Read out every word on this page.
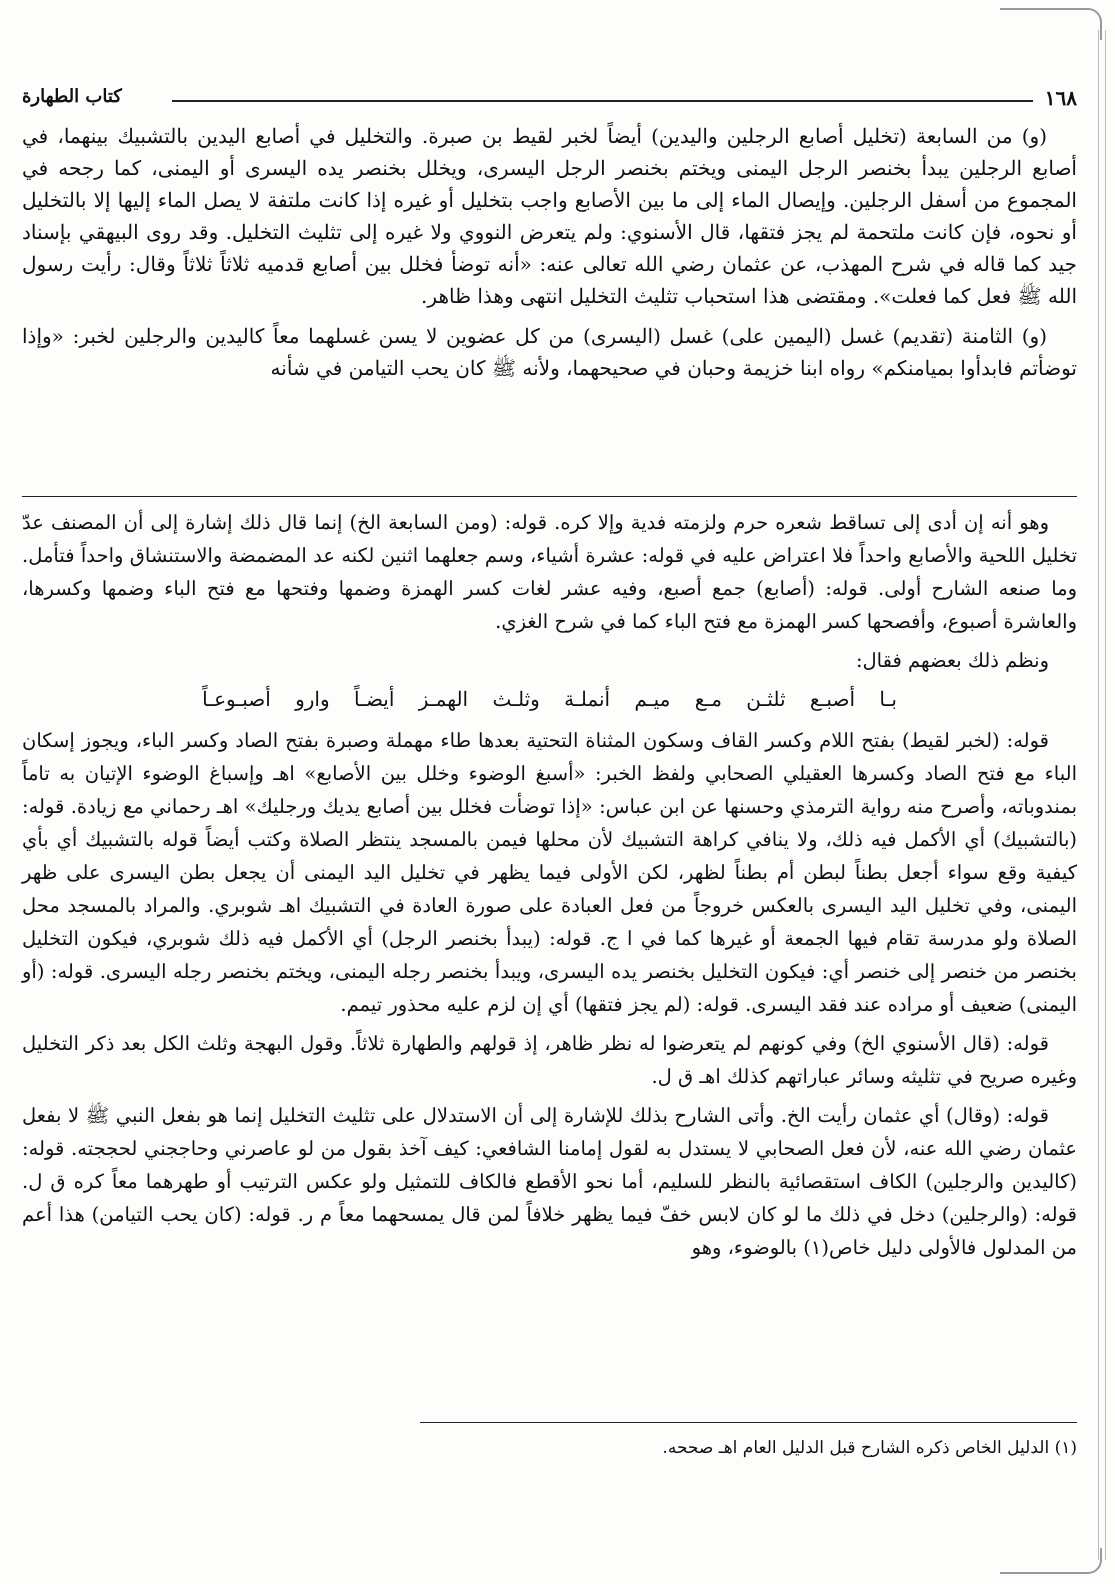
١٦٨
كتاب الطهارة

(و) من السابعة (تخليل أصابع الرجلين واليدين) أيضاً لخبر لقيط بن صبرة. والتخليل في أصابع اليدين بالتشبيك بينهما، في أصابع الرجلين يبدأ بخنصر الرجل اليمنى ويختم بخنصر الرجل اليسرى، ويخلل بخنصر يده اليسرى أو اليمنى، كما رجحه في المجموع من أسفل الرجلين. وإيصال الماء إلى ما بين الأصابع واجب بتخليل أو غيره إذا كانت ملتفة لا يصل الماء إليها إلا بالتخليل أو نحوه، فإن كانت ملتحمة لم يجز فتقها، قال الأسنوي: ولم يتعرض النووي ولا غيره إلى تثليث التخليل. وقد روى البيهقي بإسناد جيد كما قاله في شرح المهذب، عن عثمان رضي الله تعالى عنه: «أنه توضأ فخلل بين أصابع قدميه ثلاثاً ثلاثاً وقال: رأيت رسول الله ﷺ فعل كما فعلت». ومقتضى هذا استحباب تثليث التخليل انتهى وهذا ظاهر.

(و) الثامنة (تقديم) غسل (اليمين على) غسل (اليسرى) من كل عضوين لا يسن غسلهما معاً كاليدين والرجلين لخبر: «وإذا توضأتم فابدأوا بميامنكم» رواه ابنا خزيمة وحبان في صحيحهما، ولأنه ﷺ كان يحب التيامن في شأنه

وهو أنه إن أدى إلى تساقط شعره حرم ولزمته فدية وإلا كره. قوله: (ومن السابعة الخ) إنما قال ذلك إشارة إلى أن المصنف عدّ تخليل اللحية والأصابع واحداً فلا اعتراض عليه في قوله: عشرة أشياء، وسم جعلهما اثنين لكنه عد المضمضة والاستنشاق واحداً فتأمل. وما صنعه الشارح أولى. قوله: (أصابع) جمع أصبع، وفيه عشر لغات كسر الهمزة وضمها وفتحها مع فتح الباء وضمها وكسرها، والعاشرة أصبوع، وأفصحها كسر الهمزة مع فتح الباء كما في شرح الغزي.

ونظم ذلك بعضهم فقال:

بـا أصبـع ثلثـن مـع ميـم أنملـة وثلـث الهمـز أيضـاً وارو أصبـوعـاً

قوله: (لخبر لقيط) بفتح اللام وكسر القاف وسكون المثناة التحتية بعدها طاء مهملة وصبرة بفتح الصاد وكسر الباء، ويجوز إسكان الباء مع فتح الصاد وكسرها العقيلي الصحابي ولفظ الخبر: «أسبغ الوضوء وخلل بين الأصابع» اهـ وإسباغ الوضوء الإتيان به تاماً بمندوباته، وأصرح منه رواية الترمذي وحسنها عن ابن عباس: «إذا توضأت فخلل بين أصابع يديك ورجليك» اهـ رحماني مع زيادة. قوله: (بالتشبيك) أي الأكمل فيه ذلك، ولا ينافي كراهة التشبيك لأن محلها فيمن بالمسجد ينتظر الصلاة وكتب أيضاً قوله بالتشبيك أي بأي كيفية وقع سواء أجعل بطناً لبطن أم بطناً لظهر، لكن الأولى فيما يظهر في تخليل اليد اليمنى أن يجعل بطن اليسرى على ظهر اليمنى، وفي تخليل اليد اليسرى بالعكس خروجاً من فعل العبادة على صورة العادة في التشبيك اهـ شوبري. والمراد بالمسجد محل الصلاة ولو مدرسة تقام فيها الجمعة أو غيرها كما في ا ج. قوله: (يبدأ بخنصر الرجل) أي الأكمل فيه ذلك شوبري، فيكون التخليل بخنصر من خنصر إلى خنصر أي: فيكون التخليل بخنصر يده اليسرى، ويبدأ بخنصر رجله اليمنى، ويختم بخنصر رجله اليسرى. قوله: (أو اليمنى) ضعيف أو مراده عند فقد اليسرى. قوله: (لم يجز فتقها) أي إن لزم عليه محذور تيمم.

قوله: (قال الأسنوي الخ) وفي كونهم لم يتعرضوا له نظر ظاهر، إذ قولهم والطهارة ثلاثاً. وقول البهجة وثلث الكل بعد ذكر التخليل وغيره صريح في تثليثه وسائر عباراتهم كذلك اهـ ق ل.

قوله: (وقال) أي عثمان رأيت الخ. وأتى الشارح بذلك للإشارة إلى أن الاستدلال على تثليث التخليل إنما هو بفعل النبي ﷺ لا بفعل عثمان رضي الله عنه، لأن فعل الصحابي لا يستدل به لقول إمامنا الشافعي: كيف آخذ بقول من لو عاصرني وحاججني لحججته. قوله: (كاليدين والرجلين) الكاف استقصائية بالنظر للسليم، أما نحو الأقطع فالكاف للتمثيل ولو عكس الترتيب أو طهرهما معاً كره ق ل. قوله: (والرجلين) دخل في ذلك ما لو كان لابس خفّ فيما يظهر خلافاً لمن قال يمسحهما معاً م ر. قوله: (كان يحب التيامن) هذا أعم من المدلول فالأولى دليل خاص(١) بالوضوء، وهو

(١) الدليل الخاص ذكره الشارح قبل الدليل العام اهـ صححه.
